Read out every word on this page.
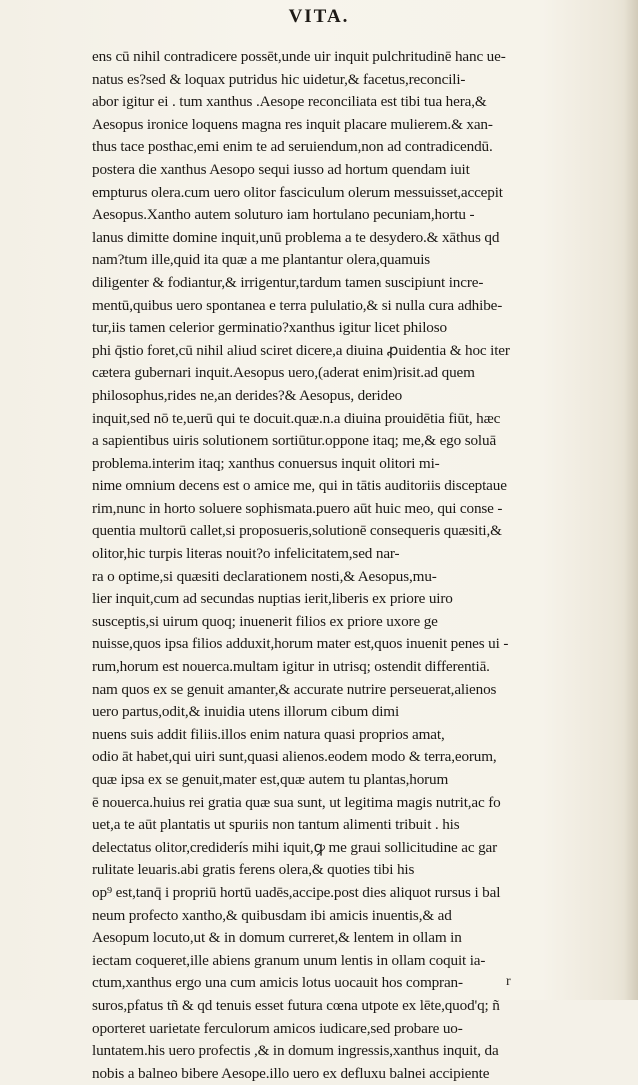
VITA.
ens cū nihil contradicere possēt,unde uir inquit pulchritudinē hanc ue-
natus es?sed & loquax putridus hic uidetur,& facetus,reconcili-
abor igitur ei . tum xanthus .Aesope reconciliata est tibi tua hera,&
Aesopus ironice loquens magna res inquit placare mulierem.& xan-
thus tace posthac,emi enim te ad seruiendum,non ad contradicendū.
postera die xanthus Aesopo sequi iusso ad hortum quendam iuit
empturus olera.cum uero olitor fasciculum olerum messuisset,accepit
Aesopus.Xantho autem soluturo iam hortulano pecuniam,hortu -
lanus dimitte domine inquit,unū problema a te desydero.& xāthus qd
nam?tum ille,quid ita quæ a me plantantur olera,quamuis
diligenter & fodiantur,& irrigentur,tardum tamen suscipiunt incre-
mentū,quibus uero spontanea e terra pululatio,& si nulla cura adhibe-
tur,iis tamen celerior germinatio?xanthus igitur licet philoso
phi q̄stio foret,cū nihil aliud sciret dicere,a diuina ꝓuidentia & hoc iter
cætera gubernari inquit.Aesopus uero,(aderat enim)risit.ad quem
philosophus,rides ne,an derides?& Aesopus, derideo
inquit,sed nō te,uerū qui te docuit.quæ.n.a diuina prouidētia fiūt, hæc
a sapientibus uiris solutionem sortiūtur.oppone itaq; me,& ego soluā
problema.interim itaq; xanthus conuersus inquit olitori mi-
nime omnium decens est o amice me, qui in tātis auditoriis disceptaue
rim,nunc in horto soluere sophismata.puero aūt huic meo, qui conse -
quentia multorū callet,si proposueris,solutionē consequeris quæsiti,&
olitor,hic turpis literas nouit?o infelicitatem,sed nar-
ra o optime,si quæsiti declarationem nosti,& Aesopus,mu-
lier inquit,cum ad secundas nuptias ierit,liberis ex priore uiro
susceptis,si uirum quoq; inuenerit filios ex priore uxore ge
nuisse,quos ipsa filios adduxit,horum mater est,quos inuenit penes ui -
rum,horum est nouerca.multam igitur in utrisq; ostendit differentiā.
nam quos ex se genuit amanter,& accurate nutrire perseuerat,alienos
uero partus,odit,& inuidia utens illorum cibum dimi
nuens suis addit filiis.illos enim natura quasi proprios amat,
odio āt habet,qui uiri sunt,quasi alienos.eodem modo & terra,eorum,
quæ ipsa ex se genuit,mater est,quæ autem tu plantas,horum
ē nouerca.huius rei gratia quæ sua sunt, ut legitima magis nutrit,ac fo
uet,a te aūt plantatis ut spuriis non tantum alimenti tribuit . his
delectatus olitor,crediderís mihi iquit,ꝙ me graui sollicitudine ac gar
rulitate leuaris.abi gratis ferens olera,& quoties tibi his
op⁹ est,tanq̄ i propriū hortū uadēs,accipe.post dies aliquot rursus i bal
neum profecto xantho,& quibusdam ibi amicis inuentis,& ad
Aesopum locuto,ut & in domum curreret,& lentem in ollam in
iectam coqueret,ille abiens granum unum lentis in ollam coquit ia-
ctum,xanthus ergo una cum amicis lotus uocauit hos compran-
suros,pfatus tñ & qd tenuis esset futura cœna utpote ex lēte,quod'q; ñ
oporteret uarietate ferculorum amicos iudicare,sed probare uo-
luntatem.his uero profectis ,& in domum ingressis,xanthus inquit, da
nobis a balneo bibere Aesope.illo uero ex defluxu balnei accipiente
r
